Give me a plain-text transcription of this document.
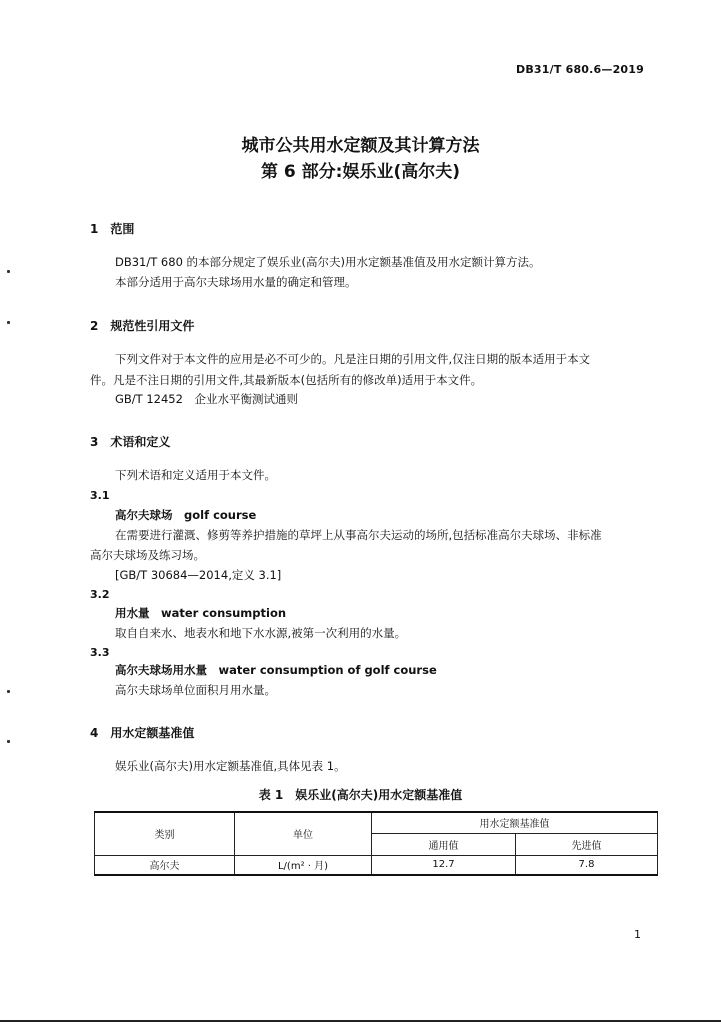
DB31/T 680.6—2019
城市公共用水定额及其计算方法
第 6 部分:娱乐业(高尔夫)
1　范围
DB31/T 680 的本部分规定了娱乐业(高尔夫)用水定额基准值及用水定额计算方法。
本部分适用于高尔夫球场用水量的确定和管理。
2　规范性引用文件
下列文件对于本文件的应用是必不可少的。凡是注日期的引用文件,仅注日期的版本适用于本文
件。凡是不注日期的引用文件,其最新版本(包括所有的修改单)适用于本文件。
GB/T 12452　企业水平衡测试通则
3　术语和定义
下列术语和定义适用于本文件。
3.1
高尔夫球场　golf course
在需要进行灌溉、修剪等养护措施的草坪上从事高尔夫运动的场所,包括标准高尔夫球场、非标准
高尔夫球场及练习场。
[GB/T 30684—2014,定义 3.1]
3.2
用水量　water consumption
取自自来水、地表水和地下水水源,被第一次利用的水量。
3.3
高尔夫球场用水量　water consumption of golf course
高尔夫球场单位面积月用水量。
4　用水定额基准值
娱乐业(高尔夫)用水定额基准值,具体见表 1。
表 1　娱乐业(高尔夫)用水定额基准值
类别	单位	用水定额基准值	
		通用值	先进值
高尔夫	L/(m² · 月)	12.7	7.8
1
